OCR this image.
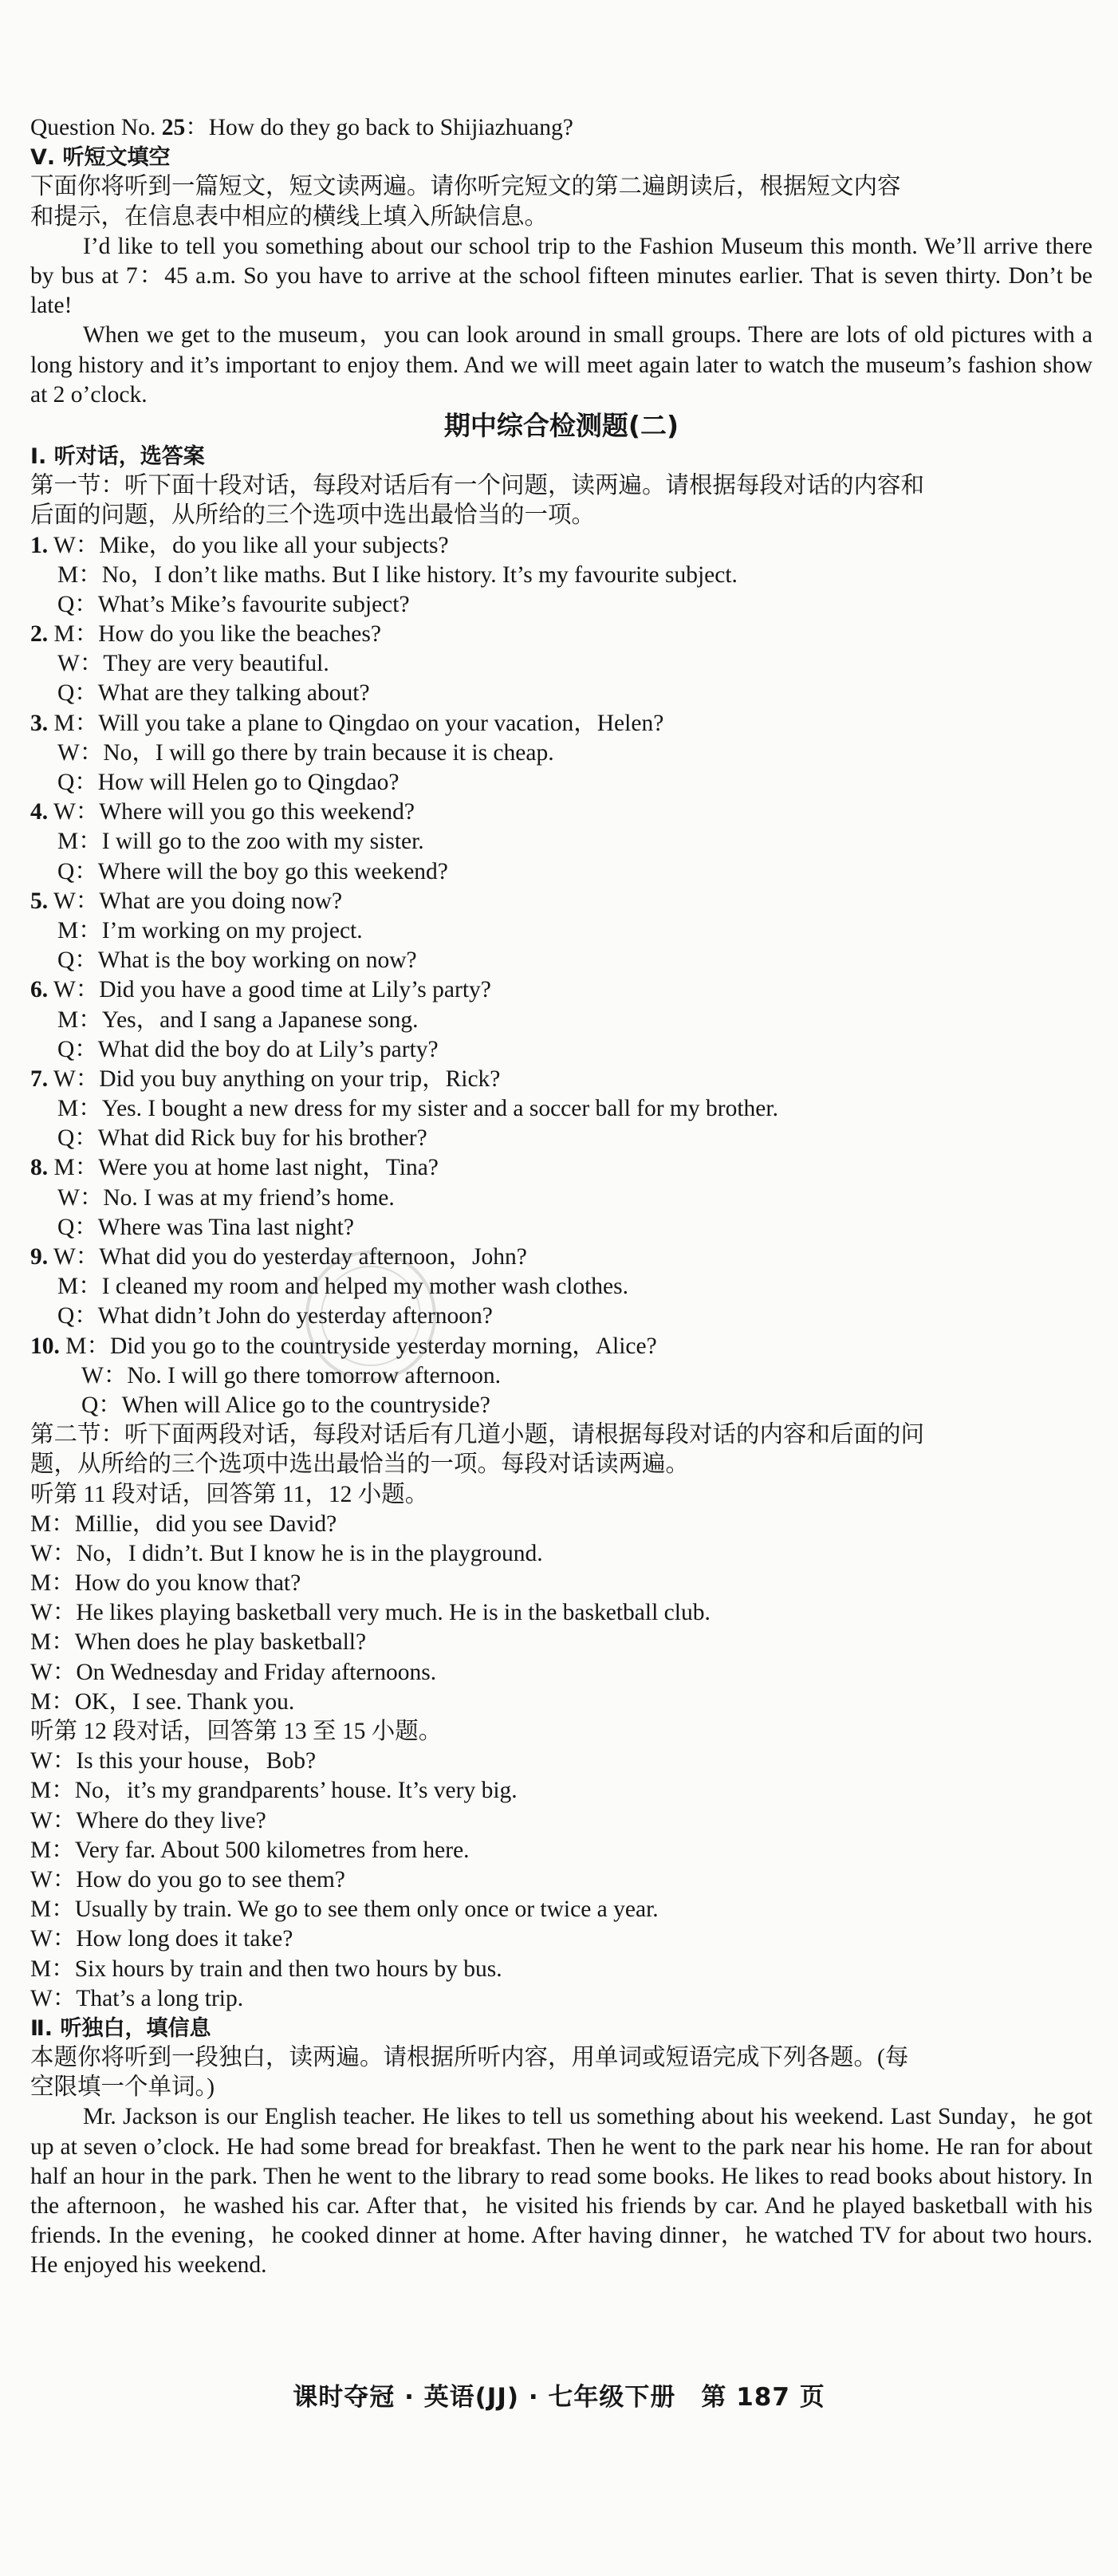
Question No. 25：How do they go back to Shijiazhuang?
Ⅴ. 听短文填空
下面你将听到一篇短文，短文读两遍。请你听完短文的第二遍朗读后，根据短文内容
和提示，在信息表中相应的横线上填入所缺信息。
I’d like to tell you something about our school trip to the Fashion Museum this month. We’ll arrive there by bus at 7：45 a.m. So you have to arrive at the school fifteen minutes earlier. That is seven thirty. Don’t be late!
When we get to the museum，you can look around in small groups. There are lots of old pictures with a long history and it’s important to enjoy them. And we will meet again later to watch the museum’s fashion show at 2 o’clock.
期中综合检测题(二)
Ⅰ. 听对话，选答案
第一节：听下面十段对话，每段对话后有一个问题，读两遍。请根据每段对话的内容和
后面的问题，从所给的三个选项中选出最恰当的一项。
1. W：Mike，do you like all your subjects?
M：No，I don’t like maths. But I like history. It’s my favourite subject.
Q：What’s Mike’s favourite subject?
2. M：How do you like the beaches?
W：They are very beautiful.
Q：What are they talking about?
3. M：Will you take a plane to Qingdao on your vacation，Helen?
W：No，I will go there by train because it is cheap.
Q：How will Helen go to Qingdao?
4. W：Where will you go this weekend?
M：I will go to the zoo with my sister.
Q：Where will the boy go this weekend?
5. W：What are you doing now?
M：I’m working on my project.
Q：What is the boy working on now?
6. W：Did you have a good time at Lily’s party?
M：Yes，and I sang a Japanese song.
Q：What did the boy do at Lily’s party?
7. W：Did you buy anything on your trip，Rick?
M：Yes. I bought a new dress for my sister and a soccer ball for my brother.
Q：What did Rick buy for his brother?
8. M：Were you at home last night，Tina?
W：No. I was at my friend’s home.
Q：Where was Tina last night?
9. W：What did you do yesterday afternoon，John?
M：I cleaned my room and helped my mother wash clothes.
Q：What didn’t John do yesterday afternoon?
10. M：Did you go to the countryside yesterday morning，Alice?
W：No. I will go there tomorrow afternoon.
Q：When will Alice go to the countryside?
第二节：听下面两段对话，每段对话后有几道小题，请根据每段对话的内容和后面的问
题，从所给的三个选项中选出最恰当的一项。每段对话读两遍。
听第 11 段对话，回答第 11，12 小题。
M：Millie，did you see David?
W：No，I didn’t. But I know he is in the playground.
M：How do you know that?
W：He likes playing basketball very much. He is in the basketball club.
M：When does he play basketball?
W：On Wednesday and Friday afternoons.
M：OK，I see. Thank you.
听第 12 段对话，回答第 13 至 15 小题。
W：Is this your house，Bob?
M：No，it’s my grandparents’ house. It’s very big.
W：Where do they live?
M：Very far. About 500 kilometres from here.
W：How do you go to see them?
M：Usually by train. We go to see them only once or twice a year.
W：How long does it take?
M：Six hours by train and then two hours by bus.
W：That’s a long trip.
Ⅱ. 听独白，填信息
本题你将听到一段独白，读两遍。请根据所听内容，用单词或短语完成下列各题。(每
空限填一个单词。)
Mr. Jackson is our English teacher. He likes to tell us something about his weekend. Last Sunday，he got up at seven o’clock. He had some bread for breakfast. Then he went to the park near his home. He ran for about half an hour in the park. Then he went to the library to read some books. He likes to read books about history. In the afternoon，he washed his car. After that，he visited his friends by car. And he played basketball with his friends. In the evening，he cooked dinner at home. After having dinner，he watched TV for about two hours. He enjoyed his weekend.
课时夺冠 · 英语(JJ) · 七年级下册　第 187 页
